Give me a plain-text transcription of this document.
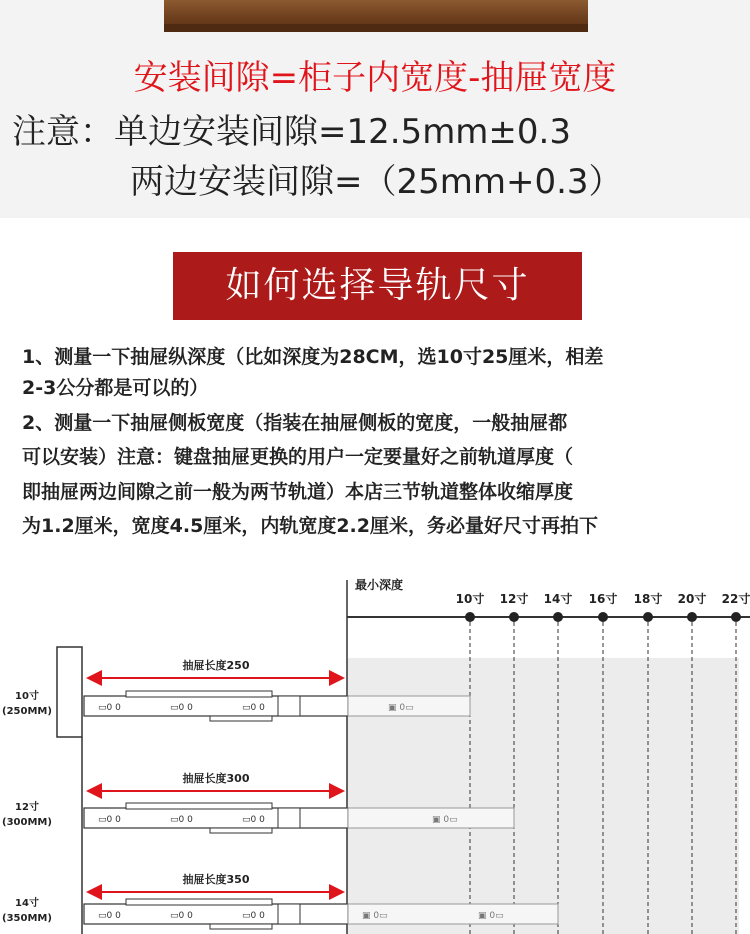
安装间隙=柜子内宽度-抽屉宽度
注意：单边安装间隙=12.5mm±0.3
两边安装间隙=（25mm+0.3）
如何选择导轨尺寸
1、测量一下抽屉纵深度（比如深度为28CM，选10寸25厘米，相差
2-3公分都是可以的）
2、测量一下抽屉侧板宽度（指装在抽屉侧板的宽度，一般抽屉都
可以安装）注意：键盘抽屉更换的用户一定要量好之前轨道厚度（
即抽屉两边间隙之前一般为两节轨道）本店三节轨道整体收缩厚度
为1.2厘米，宽度4.5厘米，内轨宽度2.2厘米，务必量好尺寸再拍下
最小深度
10寸 12寸 14寸 16寸 18寸 20寸 22寸
10寸
(250MM)
抽屉长度250
▭0 0	▭0 0	▭0 0	▣ 0▭
12寸
(300MM)
抽屉长度300
▭0 0	▭0 0	▭0 0	▣ 0▭
14寸
(350MM)
抽屉长度350
▭0 0	▭0 0	▭0 0	▣ 0▭	▣ 0▭
